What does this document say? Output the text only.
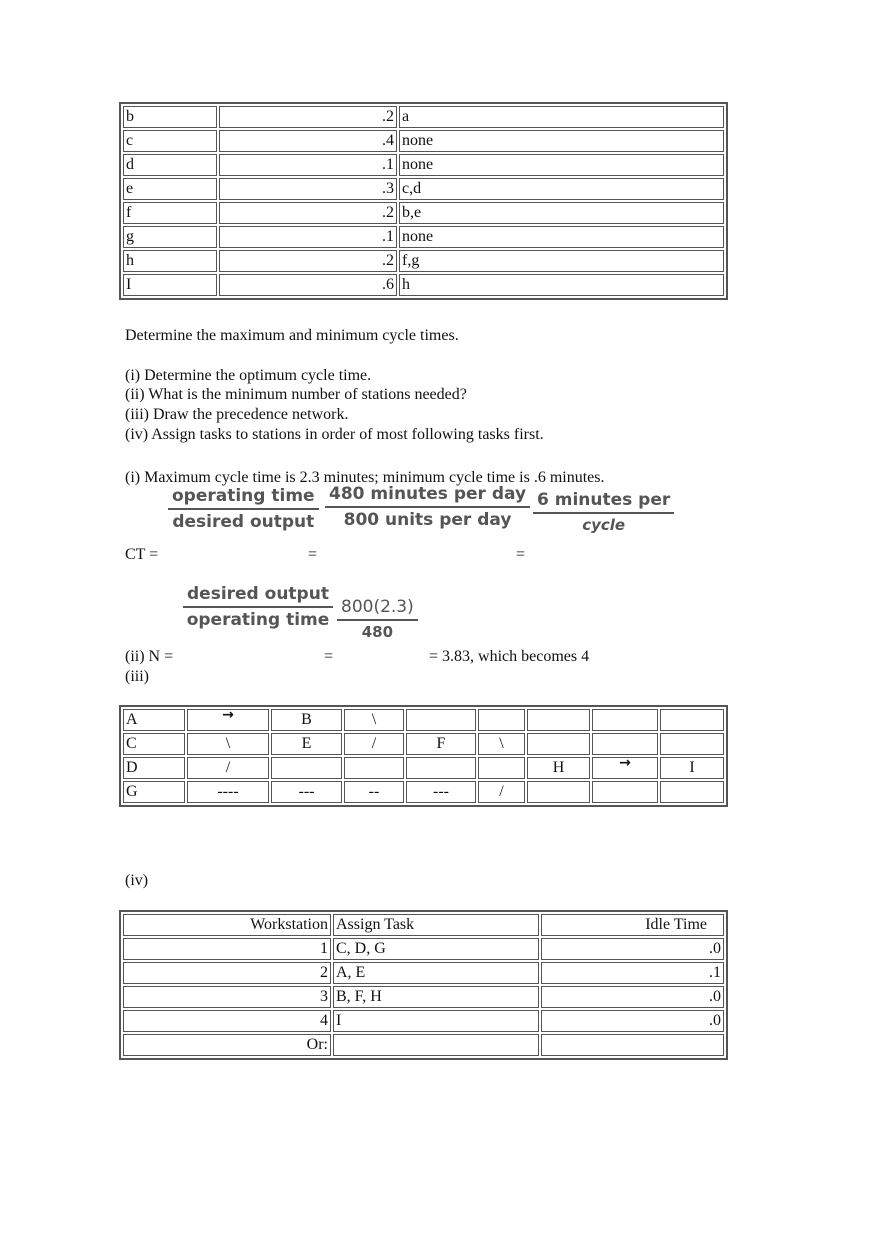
b	.2	a
c	.4	none
d	.1	none
e	.3	c,d
f	.2	b,e
g	.1	none
h	.2	f,g
I	.6	h
Determine the maximum and minimum cycle times.
(i) Determine the optimum cycle time.
(ii) What is the minimum number of stations needed?
(iii) Draw the precedence network.
(iv) Assign tasks to stations in order of most following tasks first.
(i) Maximum cycle time is 2.3 minutes; minimum cycle time is .6 minutes.
operating time
desired output
480 minutes per day
800 units per day
6 minutes per
cycle
CT =	=	=
desired output
operating time $\frac{800(2.3)}{480}$
(ii) N =	=	= 3.83, which becomes 4
(iii)
A	→	B	\					
C	\	E	/	F	\			
D	/					H	→	I
G	----	---	--	---	/			
(iv)
Workstation	Assign Task	Idle Time
1	C, D, G	.0
2	A, E	.1
3	B, F, H	.0
4	I	.0
Or:		
